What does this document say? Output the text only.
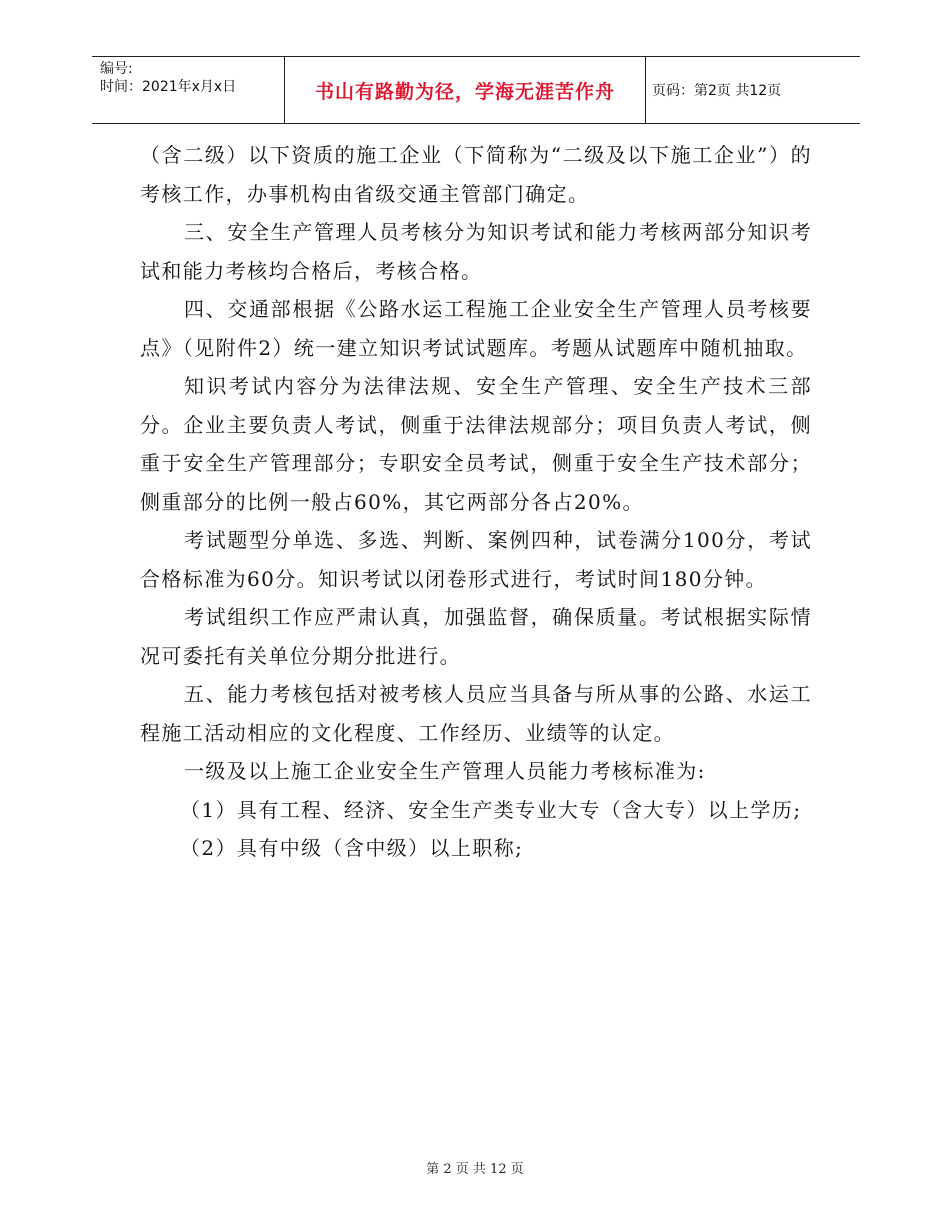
编号:
时间：2021年x月x日	书山有路勤为径，学海无涯苦作舟	页码：第2页 共12页

（含二级）以下资质的施工企业（下简称为“二级及以下施工企业”）的考核工作，办事机构由省级交通主管部门确定。

三、安全生产管理人员考核分为知识考试和能力考核两部分知识考试和能力考核均合格后，考核合格。

四、交通部根据《公路水运工程施工企业安全生产管理人员考核要点》（见附件2）统一建立知识考试试题库。考题从试题库中随机抽取。

知识考试内容分为法律法规、安全生产管理、安全生产技术三部分。企业主要负责人考试，侧重于法律法规部分；项目负责人考试，侧重于安全生产管理部分；专职安全员考试，侧重于安全生产技术部分；侧重部分的比例一般占60%，其它两部分各占20%。

考试题型分单选、多选、判断、案例四种，试卷满分100分，考试合格标准为60分。知识考试以闭卷形式进行，考试时间180分钟。

考试组织工作应严肃认真，加强监督，确保质量。考试根据实际情况可委托有关单位分期分批进行。

五、能力考核包括对被考核人员应当具备与所从事的公路、水运工程施工活动相应的文化程度、工作经历、业绩等的认定。

一级及以上施工企业安全生产管理人员能力考核标准为:

（1）具有工程、经济、安全生产类专业大专（含大专）以上学历;

（2）具有中级（含中级）以上职称;

第 2 页 共 12 页
